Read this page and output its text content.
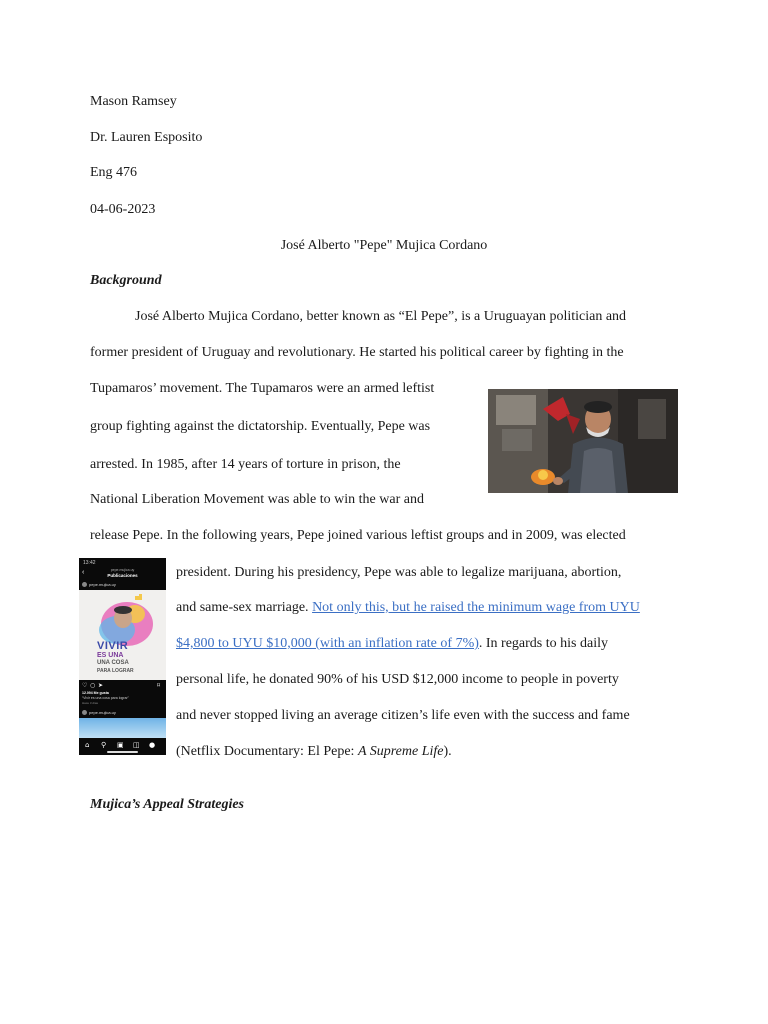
Mason Ramsey
Dr. Lauren Esposito
Eng 476
04-06-2023
José Alberto "Pepe" Mujica Cordano
Background
José Alberto Mujica Cordano, better known as “El Pepe”, is a Uruguayan politician and
former president of Uruguay and revolutionary. He started his political career by fighting in the
Tupamaros’ movement. The Tupamaros were an armed leftist
group fighting against the dictatorship. Eventually, Pepe was
arrested. In 1985, after 14 years of torture in prison, the
National Liberation Movement was able to win the war and
release Pepe. In the following years, Pepe joined various leftist groups and in 2009, was elected
president. During his presidency, Pepe was able to legalize marijuana, abortion,
and same-sex marriage. Not only this, but he raised the minimum wage from UYU
$4,800 to UYU $10,000 (with an inflation rate of 7%). In regards to his daily
personal life, he donated 90% of his USD $12,000 income to people in poverty
and never stopped living an average citizen’s life even with the success and fame
(Netflix Documentary: El Pepe: A Supreme Life).
Mujica’s Appeal Strategies
13:42
‹	pepe.mujica.uy
Publicaciones
pepe.mujica.uy
VIVIR
ES UNA
UNA COSA
PARA LOGRAR
♡ ○ ➤	⌑
12.094 Me gusta
“Vivir es una cosa para lograr”
Hace 3 días
pepe.mujica.uy
⌂ ⚲ ▣ ◫ ●
